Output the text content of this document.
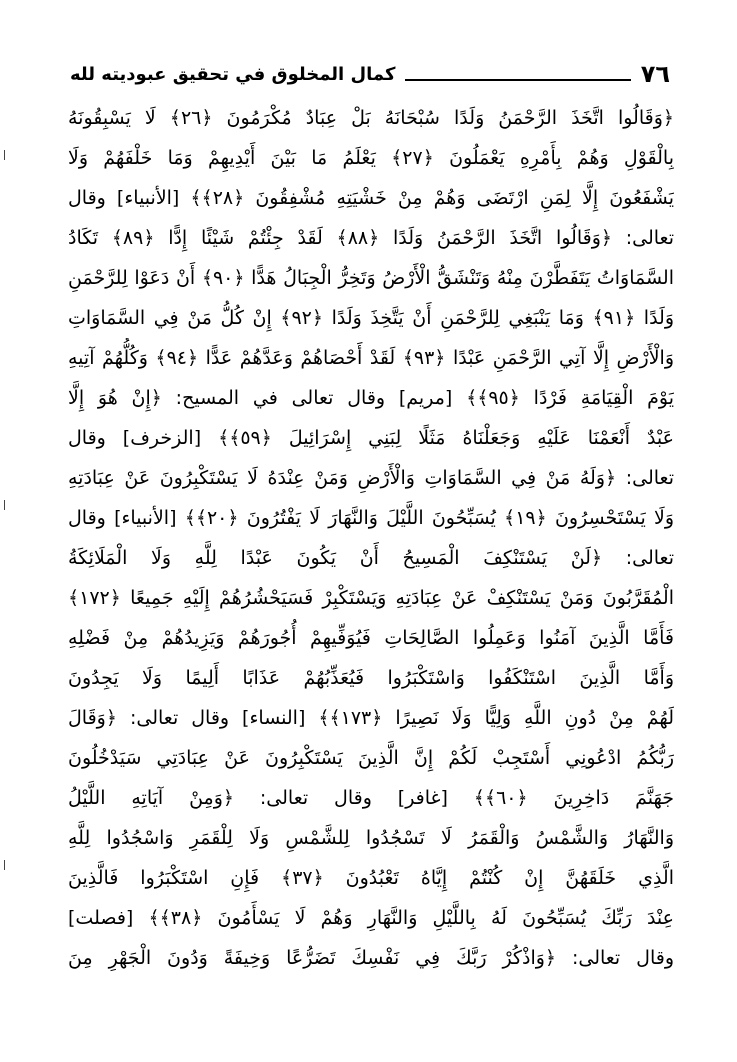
٧٦
كمال المخلوق في تحقيق عبوديته لله
﴿وَقَالُوا اتَّخَذَ الرَّحْمَنُ وَلَدًا سُبْحَانَهُ بَلْ عِبَادٌ مُكْرَمُونَ ﴿٢٦﴾ لَا يَسْبِقُونَهُ
بِالْقَوْلِ وَهُمْ بِأَمْرِهِ يَعْمَلُونَ ﴿٢٧﴾ يَعْلَمُ مَا بَيْنَ أَيْدِيهِمْ وَمَا خَلْفَهُمْ وَلَا
يَشْفَعُونَ إِلَّا لِمَنِ ارْتَضَى وَهُمْ مِنْ خَشْيَتِهِ مُشْفِقُونَ ﴿٢٨﴾﴾ [الأنبياء] وقال
تعالى: ﴿وَقَالُوا اتَّخَذَ الرَّحْمَنُ وَلَدًا ﴿٨٨﴾ لَقَدْ جِئْتُمْ شَيْئًا إِدًّا ﴿٨٩﴾ تَكَادُ
السَّمَاوَاتُ يَتَفَطَّرْنَ مِنْهُ وَتَنْشَقُّ الْأَرْضُ وَتَخِرُّ الْجِبَالُ هَدًّا ﴿٩٠﴾ أَنْ دَعَوْا لِلرَّحْمَنِ
وَلَدًا ﴿٩١﴾ وَمَا يَنْبَغِي لِلرَّحْمَنِ أَنْ يَتَّخِذَ وَلَدًا ﴿٩٢﴾ إِنْ كُلُّ مَنْ فِي السَّمَاوَاتِ
وَالْأَرْضِ إِلَّا آتِي الرَّحْمَنِ عَبْدًا ﴿٩٣﴾ لَقَدْ أَحْصَاهُمْ وَعَدَّهُمْ عَدًّا ﴿٩٤﴾ وَكُلُّهُمْ آتِيهِ
يَوْمَ الْقِيَامَةِ فَرْدًا ﴿٩٥﴾﴾ [مريم] وقال تعالى في المسيح: ﴿إِنْ هُوَ إِلَّا
عَبْدٌ أَنْعَمْنَا عَلَيْهِ وَجَعَلْنَاهُ مَثَلًا لِبَنِي إِسْرَائِيلَ ﴿٥٩﴾﴾ [الزخرف] وقال
تعالى: ﴿وَلَهُ مَنْ فِي السَّمَاوَاتِ وَالْأَرْضِ وَمَنْ عِنْدَهُ لَا يَسْتَكْبِرُونَ عَنْ عِبَادَتِهِ
وَلَا يَسْتَحْسِرُونَ ﴿١٩﴾ يُسَبِّحُونَ اللَّيْلَ وَالنَّهَارَ لَا يَفْتُرُونَ ﴿٢٠﴾﴾ [الأنبياء] وقال
تعالى: ﴿لَنْ يَسْتَنْكِفَ الْمَسِيحُ أَنْ يَكُونَ عَبْدًا لِلَّهِ وَلَا الْمَلَائِكَةُ
الْمُقَرَّبُونَ وَمَنْ يَسْتَنْكِفْ عَنْ عِبَادَتِهِ وَيَسْتَكْبِرْ فَسَيَحْشُرُهُمْ إِلَيْهِ جَمِيعًا ﴿١٧٢﴾
فَأَمَّا الَّذِينَ آمَنُوا وَعَمِلُوا الصَّالِحَاتِ فَيُوَفِّيهِمْ أُجُورَهُمْ وَيَزِيدُهُمْ مِنْ فَضْلِهِ
وَأَمَّا الَّذِينَ اسْتَنْكَفُوا وَاسْتَكْبَرُوا فَيُعَذِّبُهُمْ عَذَابًا أَلِيمًا وَلَا يَجِدُونَ
لَهُمْ مِنْ دُونِ اللَّهِ وَلِيًّا وَلَا نَصِيرًا ﴿١٧٣﴾﴾ [النساء] وقال تعالى: ﴿وَقَالَ
رَبُّكُمُ ادْعُونِي أَسْتَجِبْ لَكُمْ إِنَّ الَّذِينَ يَسْتَكْبِرُونَ عَنْ عِبَادَتِي سَيَدْخُلُونَ
جَهَنَّمَ دَاخِرِينَ ﴿٦٠﴾﴾ [غافر] وقال تعالى: ﴿وَمِنْ آيَاتِهِ اللَّيْلُ
وَالنَّهَارُ وَالشَّمْسُ وَالْقَمَرُ لَا تَسْجُدُوا لِلشَّمْسِ وَلَا لِلْقَمَرِ وَاسْجُدُوا لِلَّهِ
الَّذِي خَلَقَهُنَّ إِنْ كُنْتُمْ إِيَّاهُ تَعْبُدُونَ ﴿٣٧﴾ فَإِنِ اسْتَكْبَرُوا فَالَّذِينَ
عِنْدَ رَبِّكَ يُسَبِّحُونَ لَهُ بِاللَّيْلِ وَالنَّهَارِ وَهُمْ لَا يَسْأَمُونَ ﴿٣٨﴾﴾ [فصلت]
وقال تعالى: ﴿وَاذْكُرْ رَبَّكَ فِي نَفْسِكَ تَضَرُّعًا وَخِيفَةً وَدُونَ الْجَهْرِ مِنَ
